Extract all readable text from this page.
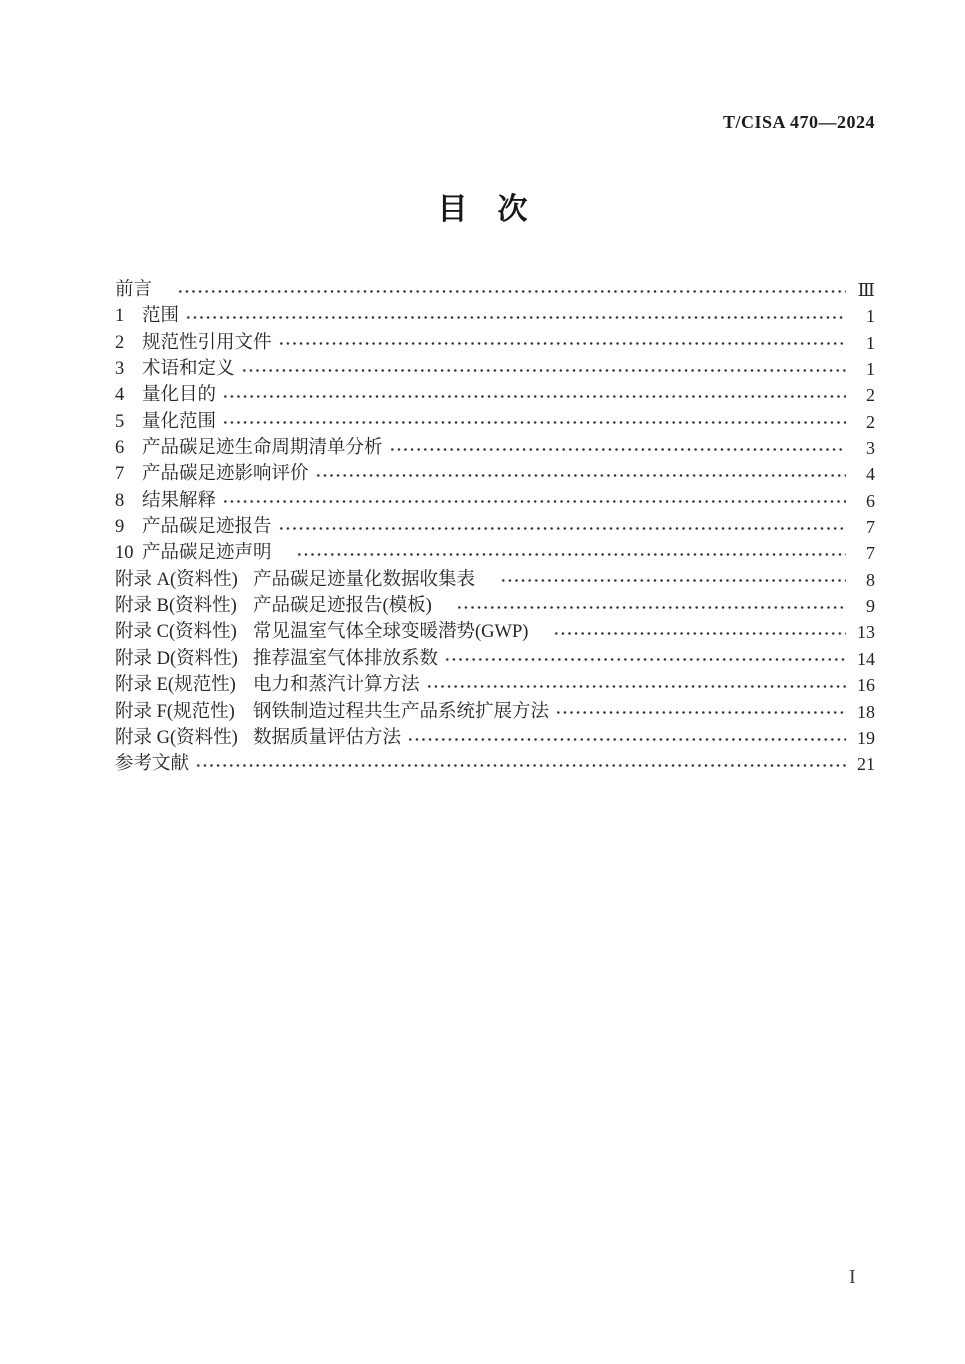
T/CISA 470—2024
目　次
前言　	Ⅲ
1 范围	1
2 规范性引用文件	1
3 术语和定义	1
4 量化目的	2
5 量化范围	2
6 产品碳足迹生命周期清单分析	3
7 产品碳足迹影响评价	4
8 结果解释	6
9 产品碳足迹报告	7
10 产品碳足迹声明　	7
附录 A(资料性) 产品碳足迹量化数据收集表　	8
附录 B(资料性) 产品碳足迹报告(模板)　	9
附录 C(资料性) 常见温室气体全球变暖潜势(GWP)　	13
附录 D(资料性) 推荐温室气体排放系数	14
附录 E(规范性) 电力和蒸汽计算方法	16
附录 F(规范性) 钢铁制造过程共生产品系统扩展方法	18
附录 G(资料性) 数据质量评估方法	19
参考文献	21
I
